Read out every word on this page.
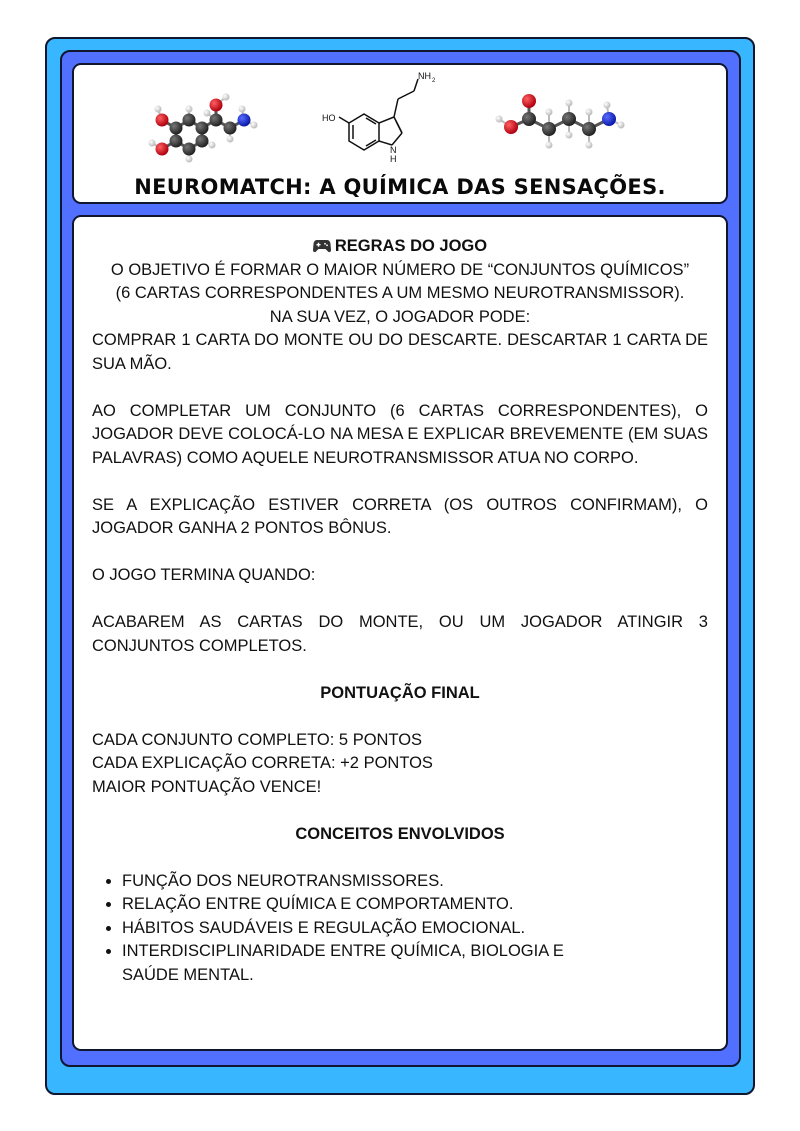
HO
NH 2
N
H
NEUROMATCH: A QUÍMICA DAS SENSAÇÕES.
REGRAS DO JOGO
O OBJETIVO É FORMAR O MAIOR NÚMERO DE “CONJUNTOS QUÍMICOS”
(6 CARTAS CORRESPONDENTES A UM MESMO NEUROTRANSMISSOR).
NA SUA VEZ, O JOGADOR PODE:
COMPRAR 1 CARTA DO MONTE OU DO DESCARTE. DESCARTAR 1 CARTA DE SUA MÃO.
AO COMPLETAR UM CONJUNTO (6 CARTAS CORRESPONDENTES), O JOGADOR DEVE COLOCÁ-LO NA MESA E EXPLICAR BREVEMENTE (EM SUAS PALAVRAS) COMO AQUELE NEUROTRANSMISSOR ATUA NO CORPO.
SE A EXPLICAÇÃO ESTIVER CORRETA (OS OUTROS CONFIRMAM), O JOGADOR GANHA 2 PONTOS BÔNUS.
O JOGO TERMINA QUANDO:
ACABAREM AS CARTAS DO MONTE, OU UM JOGADOR ATINGIR 3 CONJUNTOS COMPLETOS.
PONTUAÇÃO FINAL
CADA CONJUNTO COMPLETO: 5 PONTOS
CADA EXPLICAÇÃO CORRETA: +2 PONTOS
MAIOR PONTUAÇÃO VENCE!
CONCEITOS ENVOLVIDOS
• FUNÇÃO DOS NEUROTRANSMISSORES.
• RELAÇÃO ENTRE QUÍMICA E COMPORTAMENTO.
• HÁBITOS SAUDÁVEIS E REGULAÇÃO EMOCIONAL.
• INTERDISCIPLINARIDADE ENTRE QUÍMICA, BIOLOGIA E SAÚDE MENTAL.
